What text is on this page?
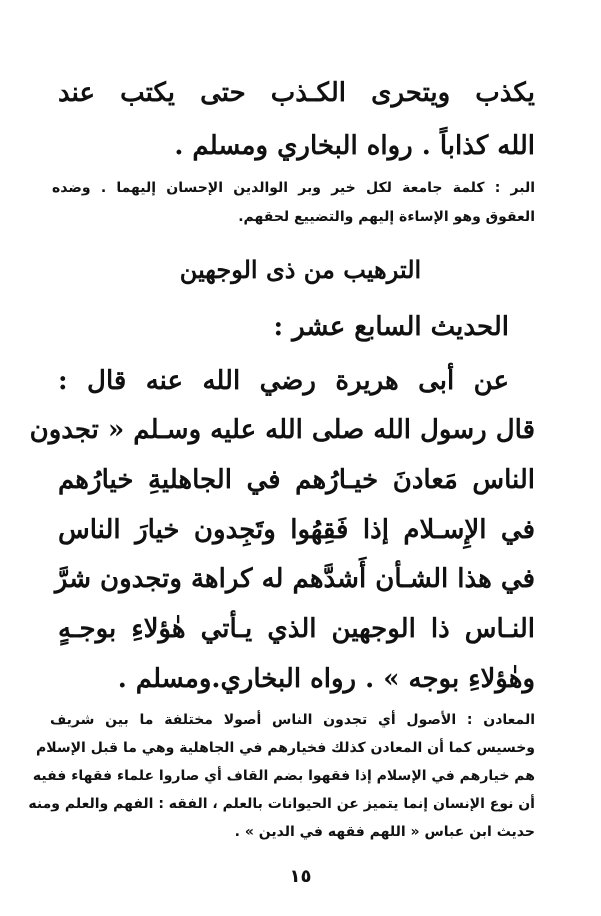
يكذب ويتحرى الكـذب حتى يكتب عند
الله كذاباً . رواه البخاري ومسلم .
البر : كلمة جامعة لكل خير وبر الوالدين الإحسان إليهما . وضده
العقوق وهو الإساءة إليهم والتضييع لحقهم.
الترهيب من ذى الوجهين
الحديث السابع عشر :
عن أبى هريرة رضي الله عنه قال :
قال رسول الله صلى الله عليه وسـلم « تجدون
الناس مَعادنَ خيـارُهم في الجاهليةِ خيارُهم
في الإِسـلام إذا فَقِهُوا وتَجِدون خيارَ الناس
في هذا الشـأن أَشدَّهم له كراهة وتجدون شرَّ
النـاس ذا الوجهين الذي يـأتي هٰؤلاءِ بوجـهٍ
وهٰؤلاءِ بوجه » . رواه البخاري.ومسلم .
المعادن : الأصول أي تجدون الناس أصولا مختلفة ما بين شريف
وخسيس كما أن المعادن كذلك فخيارهم في الجاهلية وهي ما قبل الإسلام
هم خيارهم في الإسلام إذا فقهوا بضم القاف أي صاروا علماء فقهاء ففيه
أن نوع الإنسان إنما يتميز عن الحيوانات بالعلم ، الفقه : الفهم والعلم ومنه
حديث ابن عباس « اللهم فقهه في الدين » .
١٥
